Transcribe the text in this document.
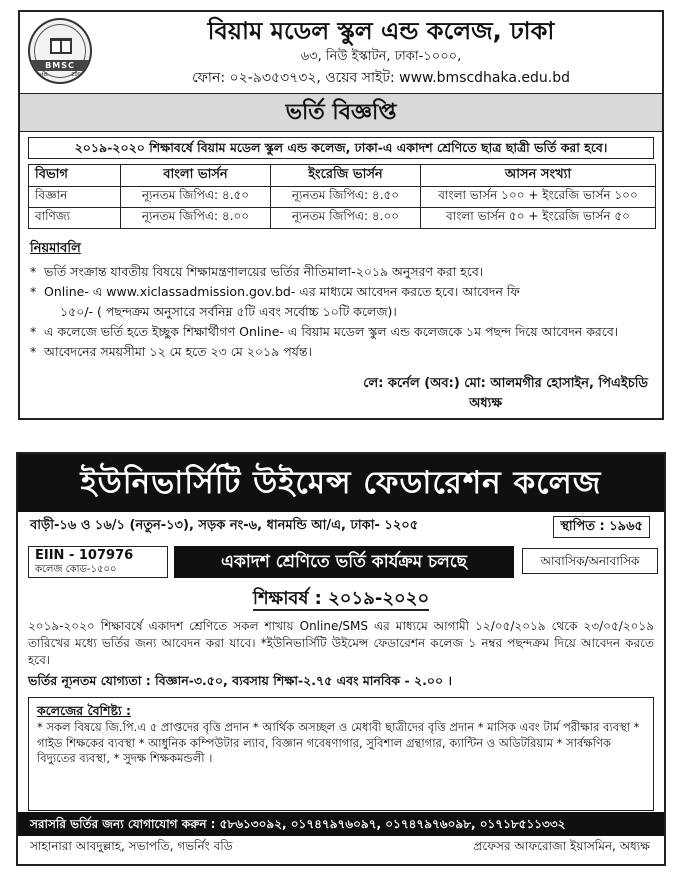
BMSC
Estd.	2004
বিয়াম মডেল স্কুল এন্ড কলেজ, ঢাকা
৬৩, নিউ ইস্কাটন, ঢাকা-১০০০,
ফোন: ০২-৯৩৫৩৭৩২, ওয়েব সাইট: www.bmscdhaka.edu.bd
ভর্তি বিজ্ঞপ্তি
২০১৯-২০২০ শিক্ষাবর্ষে বিয়াম মডেল স্কুল এন্ড কলেজ, ঢাকা-এ একাদশ শ্রেণিতে ছাত্র ছাত্রী ভর্তি করা হবে।
বিভাগ	বাংলা ভার্সন	ইংরেজি ভার্সন	আসন সংখ্যা
বিজ্ঞান	ন্যূনতম জিপিএ: ৪.৫০	ন্যূনতম জিপিএ: ৪.৫০	বাংলা ভার্সন ১০০ + ইংরেজি ভার্সন ১০০
বাণিজ্য	ন্যূনতম জিপিএ: ৪.০০	ন্যূনতম জিপিএ: ৪.০০	বাংলা ভার্সন ৫০ + ইংরেজি ভার্সন ৫০
নিয়মাবলি
* ভর্তি সংক্রান্ত যাবতীয় বিষয়ে শিক্ষামন্ত্রণালয়ের ভর্তির নীতিমালা-২০১৯ অনুসরণ করা হবে।
* Online- এ www.xiclassadmission.gov.bd- এর মাধ্যমে আবেদন করতে হবে। আবেদন ফি
১৫০/- ( পছন্দক্রম অনুসারে সর্বনিম্ন ৫টি এবং সর্বোচ্চ ১০টি কলেজ)।
* এ কলেজে ভর্তি হতে ইচ্ছুক শিক্ষার্থীগণ Online- এ বিয়াম মডেল স্কুল এন্ড কলেজকে ১ম পছন্দ দিয়ে আবেদন করবে।
* আবেদনের সময়সীমা ১২ মে হতে ২৩ মে ২০১৯ পর্যন্ত।
লে: কর্নেল (অব:) মো: আলমগীর হোসাইন, পিএইচডি
অধ্যক্ষ
ইউনিভার্সিটি উইমেন্স ফেডারেশন কলেজ
বাড়ী-১৬ ও ১৬/১ (নতুন-১৩), সড়ক নং-৬, ধানমন্ডি আ/এ, ঢাকা- ১২০৫	স্থাপিত : ১৯৬৫
EIIN - 107976
কলেজ কোড-১৫০০	একাদশ শ্রেণিতে ভর্তি কার্যক্রম চলছে	আবাসিক/অনাবাসিক
শিক্ষাবর্ষ : ২০১৯-২০২০
২০১৯-২০২০ শিক্ষাবর্ষে একাদশ শ্রেণিতে সকল শাখায় Online/SMS এর মাধ্যমে আগামী ১২/০৫/২০১৯ থেকে ২৩/০৫/২০১৯ তারিখের মধ্যে ভর্তির জন্য আবেদন করা যাবে। *ইউনিভার্সিটি উইমেন্স ফেডারেশন কলেজ ১ নম্বর পছন্দক্রম দিয়ে আবেদন করতে হবে।
ভর্তির ন্যূনতম যোগ্যতা : বিজ্ঞান-৩.৫০, ব্যবসায় শিক্ষা-২.৭৫ এবং মানবিক - ২.০০ ।
কলেজের বৈশিষ্ট্য :
* সকল বিষয়ে জি.পি.এ ৫ প্রাপ্তদের বৃত্তি প্রদান * আর্থিক অসচ্ছল ও মেধাবী ছাত্রীদের বৃত্তি প্রদান * মাসিক এবং টার্ম পরীক্ষার ব্যবস্থা * গাইড শিক্ষকের ব্যবস্থা * আধুনিক কম্পিউটার ল্যাব, বিজ্ঞান গবেষণাগার, সুবিশাল গ্রন্থাগার, ক্যান্টিন ও অডিটরিয়াম * সার্বক্ষণিক বিদ্যুতের ব্যবস্থা, * সুদক্ষ শিক্ষকমন্ডলী ।
সরাসরি ভর্তির জন্য যোগাযোগ করুন : ৫৮৬১৩০৯২, ০১৭৪৭৯৭৬০৯৭, ০১৭৪৭৯৭৬০৯৮, ০১৭১৮৫১১৩৩২
সাহানারা আবদুল্লাহ, সভাপতি, গভর্নিং বডি	প্রফেসর আফরোজা ইয়াসমিন, অধ্যক্ষ
